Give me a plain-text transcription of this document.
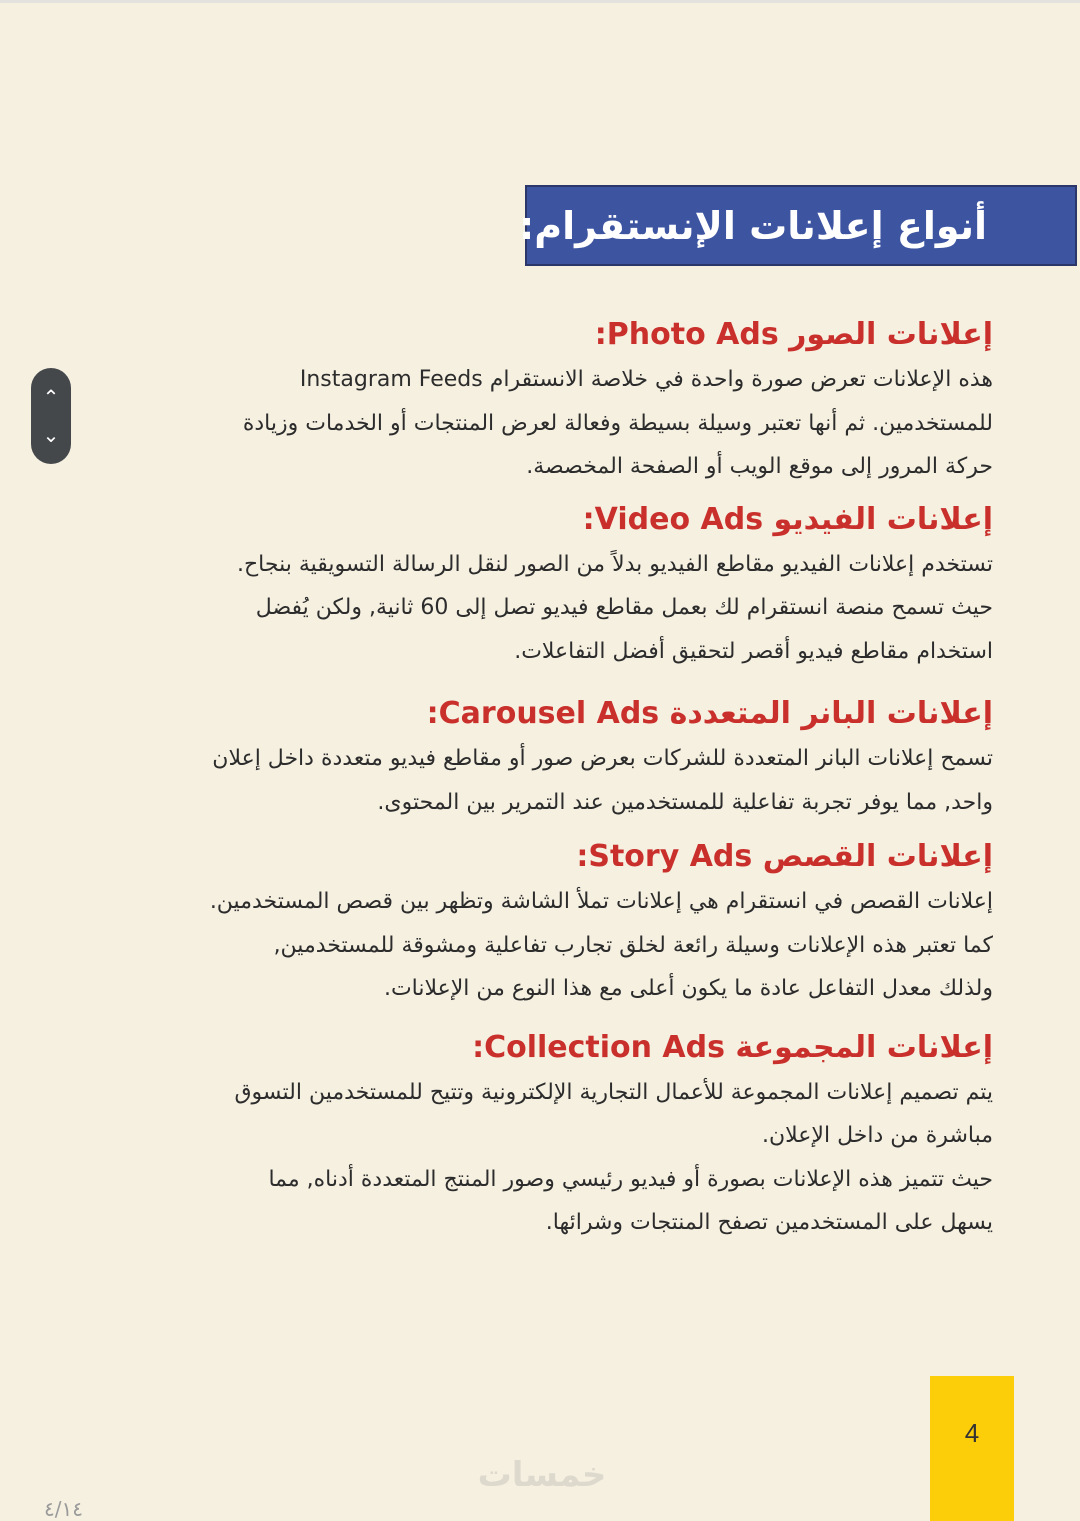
أنواع إعلانات الإنستقرام:
⌃
⌄

إعلانات الصور Photo Ads:

هذه الإعلانات تعرض صورة واحدة في خلاصة الانستقرام Instagram Feeds

للمستخدمين. ثم أنها تعتبر وسيلة بسيطة وفعالة لعرض المنتجات أو الخدمات وزيادة

حركة المرور إلى موقع الويب أو الصفحة المخصصة.

إعلانات الفيديو Video Ads:

تستخدم إعلانات الفيديو مقاطع الفيديو بدلاً من الصور لنقل الرسالة التسويقية بنجاح.

حيث تسمح منصة انستقرام لك بعمل مقاطع فيديو تصل إلى 60 ثانية, ولكن يُفضل

استخدام مقاطع فيديو أقصر لتحقيق أفضل التفاعلات.

إعلانات البانر المتعددة Carousel Ads:

تسمح إعلانات البانر المتعددة للشركات بعرض صور أو مقاطع فيديو متعددة داخل إعلان

واحد, مما يوفر تجربة تفاعلية للمستخدمين عند التمرير بين المحتوى.

إعلانات القصص Story Ads:

إعلانات القصص في انستقرام هي إعلانات تملأ الشاشة وتظهر بين قصص المستخدمين.

كما تعتبر هذه الإعلانات وسيلة رائعة لخلق تجارب تفاعلية ومشوقة للمستخدمين,

ولذلك معدل التفاعل عادة ما يكون أعلى مع هذا النوع من الإعلانات.

إعلانات المجموعة Collection Ads:

يتم تصميم إعلانات المجموعة للأعمال التجارية الإلكترونية وتتيح للمستخدمين التسوق

مباشرة من داخل الإعلان.

حيث تتميز هذه الإعلانات بصورة أو فيديو رئيسي وصور المنتج المتعددة أدناه, مما

يسهل على المستخدمين تصفح المنتجات وشرائها.

4
خمسات
٤/١٤
